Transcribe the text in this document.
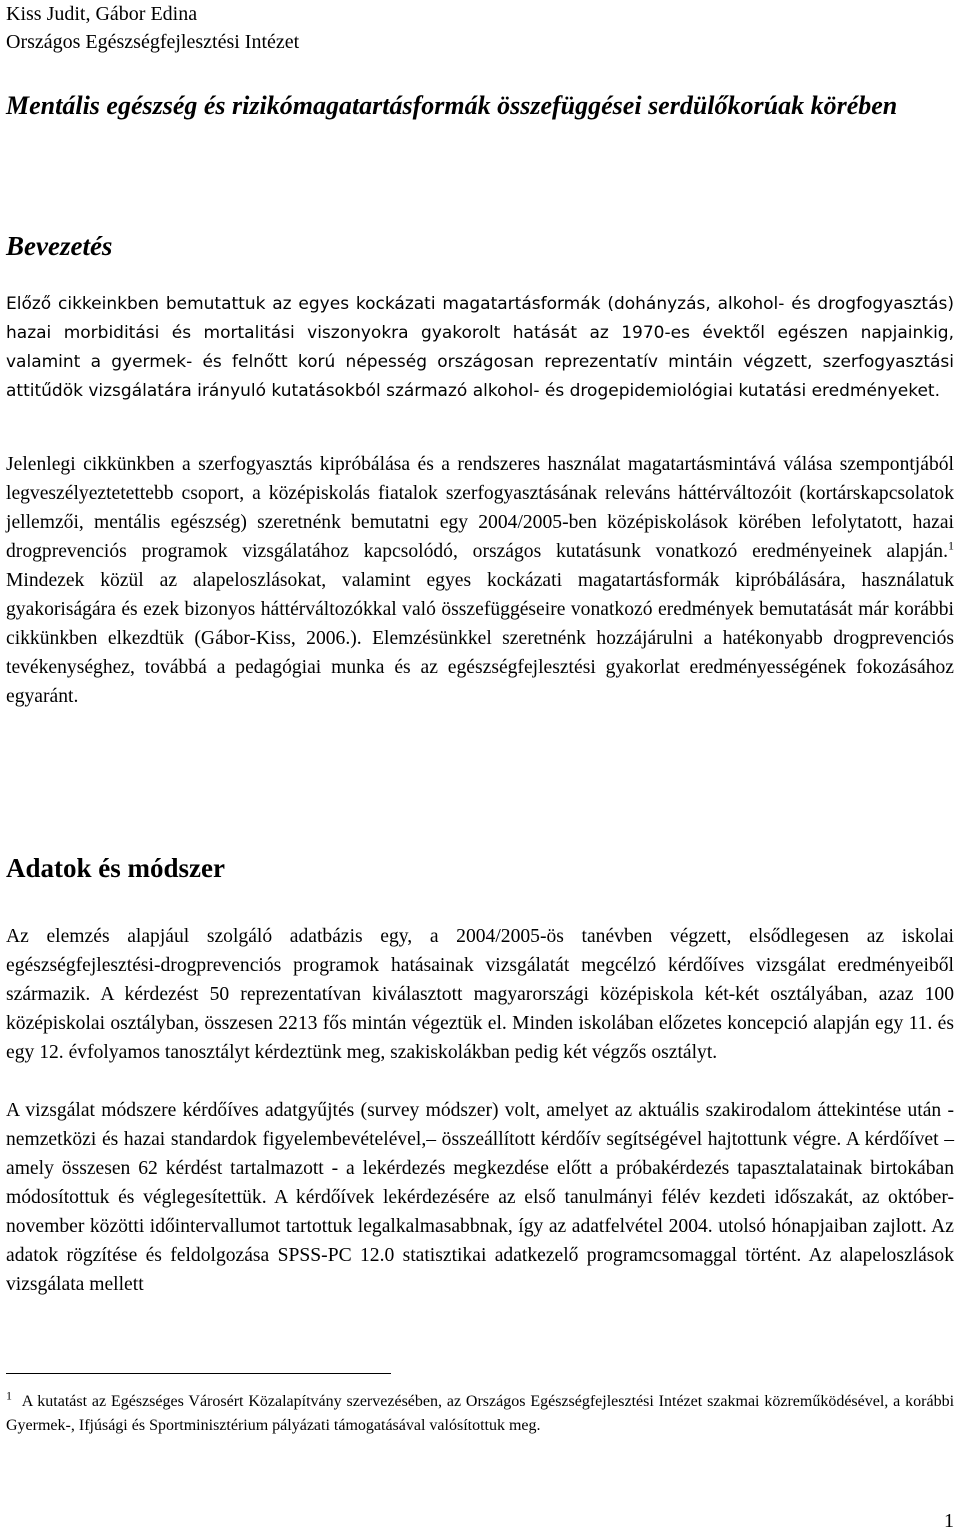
Kiss Judit, Gábor Edina
Országos Egészségfejlesztési Intézet
Mentális egészség és rizikómagatartásformák összefüggései serdülőkorúak körében
Bevezetés

Előző cikkeinkben bemutattuk az egyes kockázati magatartásformák (dohányzás, alkohol- és drogfogyasztás) hazai morbiditási és mortalitási viszonyokra gyakorolt hatását az 1970-es évektől egészen napjainkig, valamint a gyermek- és felnőtt korú népesség országosan reprezentatív mintáin végzett, szerfogyasztási attitűdök vizsgálatára irányuló kutatásokból származó alkohol- és drogepidemiológiai kutatási eredményeket.

Jelenlegi cikkünkben a szerfogyasztás kipróbálása és a rendszeres használat magatartásmintává válása szempontjából legveszélyeztetettebb csoport, a középiskolás fiatalok szerfogyasztásának releváns háttérváltozóit (kortárskapcsolatok jellemzői, mentális egészség) szeretnénk bemutatni egy 2004/2005-ben középiskolások körében lefolytatott, hazai drogprevenciós programok vizsgálatához kapcsolódó, országos kutatásunk vonatkozó eredményeinek alapján.$^1$ Mindezek közül az alapeloszlásokat, valamint egyes kockázati magatartásformák kipróbálására, használatuk gyakoriságára és ezek bizonyos háttérváltozókkal való összefüggéseire vonatkozó eredmények bemutatását már korábbi cikkünkben elkezdtük (Gábor-Kiss, 2006.). Elemzésünkkel szeretnénk hozzájárulni a hatékonyabb drogprevenciós tevékenységhez, továbbá a pedagógiai munka és az egészségfejlesztési gyakorlat eredményességének fokozásához egyaránt.

Adatok és módszer

Az elemzés alapjául szolgáló adatbázis egy, a 2004/2005-ös tanévben végzett, elsődlegesen az iskolai egészségfejlesztési-drogprevenciós programok hatásainak vizsgálatát megcélzó kérdőíves vizsgálat eredményeiből származik. A kérdezést 50 reprezentatívan kiválasztott magyarországi középiskola két-két osztályában, azaz 100 középiskolai osztályban, összesen 2213 fős mintán végeztük el. Minden iskolában előzetes koncepció alapján egy 11. és egy 12. évfolyamos tanosztályt kérdeztünk meg, szakiskolákban pedig két végzős osztályt.

A vizsgálat módszere kérdőíves adatgyűjtés (survey módszer) volt, amelyet az aktuális szakirodalom áttekintése után - nemzetközi és hazai standardok figyelembevételével,– összeállított kérdőív segítségével hajtottunk végre. A kérdőívet – amely összesen 62 kérdést tartalmazott - a lekérdezés megkezdése előtt a próbakérdezés tapasztalatainak birtokában módosítottuk és véglegesítettük. A kérdőívek lekérdezésére az első tanulmányi félév kezdeti időszakát, az október-november közötti időintervallumot tartottuk legalkalmasabbnak, így az adatfelvétel 2004. utolsó hónapjaiban zajlott. Az adatok rögzítése és feldolgozása SPSS-PC 12.0 statisztikai adatkezelő programcsomaggal történt. Az alapeloszlások vizsgálata mellett

$^1$ A kutatást az Egészséges Városért Közalapítvány szervezésében, az Országos Egészségfejlesztési Intézet szakmai közreműködésével, a korábbi Gyermek-, Ifjúsági és Sportminisztérium pályázati támogatásával valósítottuk meg.

1
